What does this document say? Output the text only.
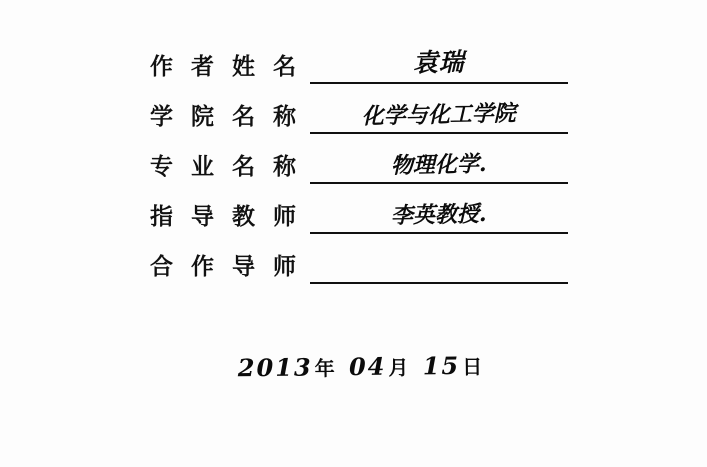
作 者 姓 名	袁瑞
学 院 名 称	化学与化工学院
专 业 名 称	物理化学.
指 导 教 师	李英教授.
合 作 导 师
2013年 04月 15日
